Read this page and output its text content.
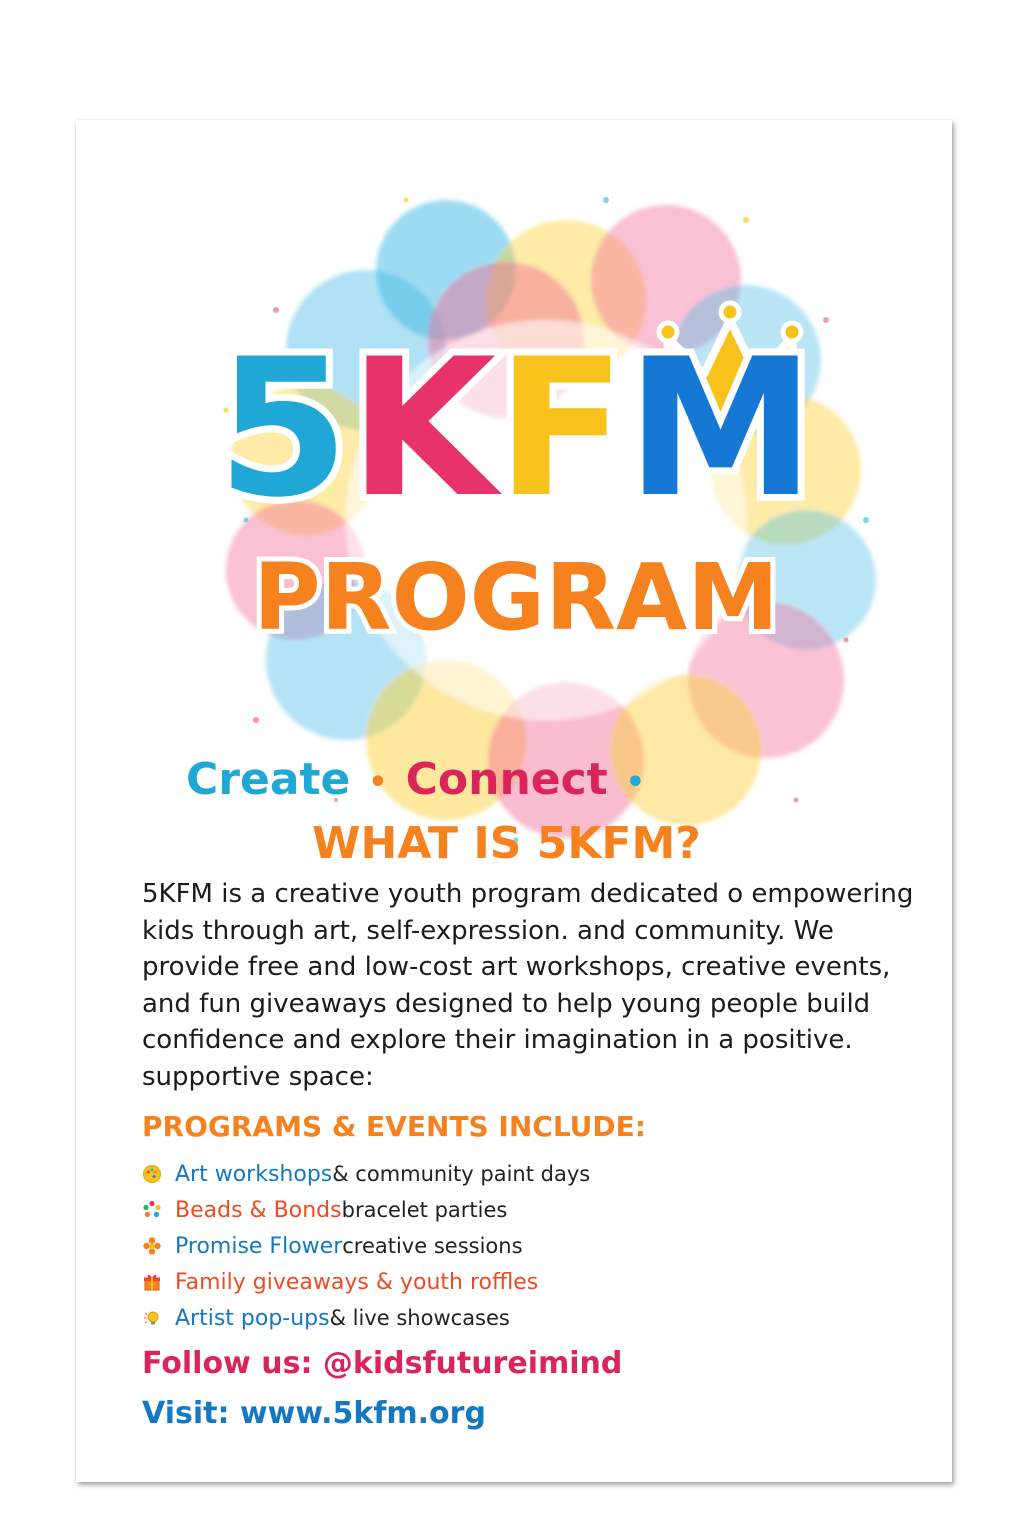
5KFM
PROGRAM
Create • Connect •
WHAT IS 5KFM?
5KFM is a creative youth program dedicated o empowering kids through art, self-expression. and community. We provide free and low-cost art workshops, creative events, and fun giveaways designed to help young people build confidence and explore their imagination in a positive. supportive space:
PROGRAMS & EVENTS INCLUDE:
Art workshops & community paint days
Beads & Bonds bracelet parties
Promise Flower creative sessions
Family giveaways & youth roffles
Artist pop-ups & live showcases
Follow us: @kidsfutureimind
Visit: www.5kfm.org
